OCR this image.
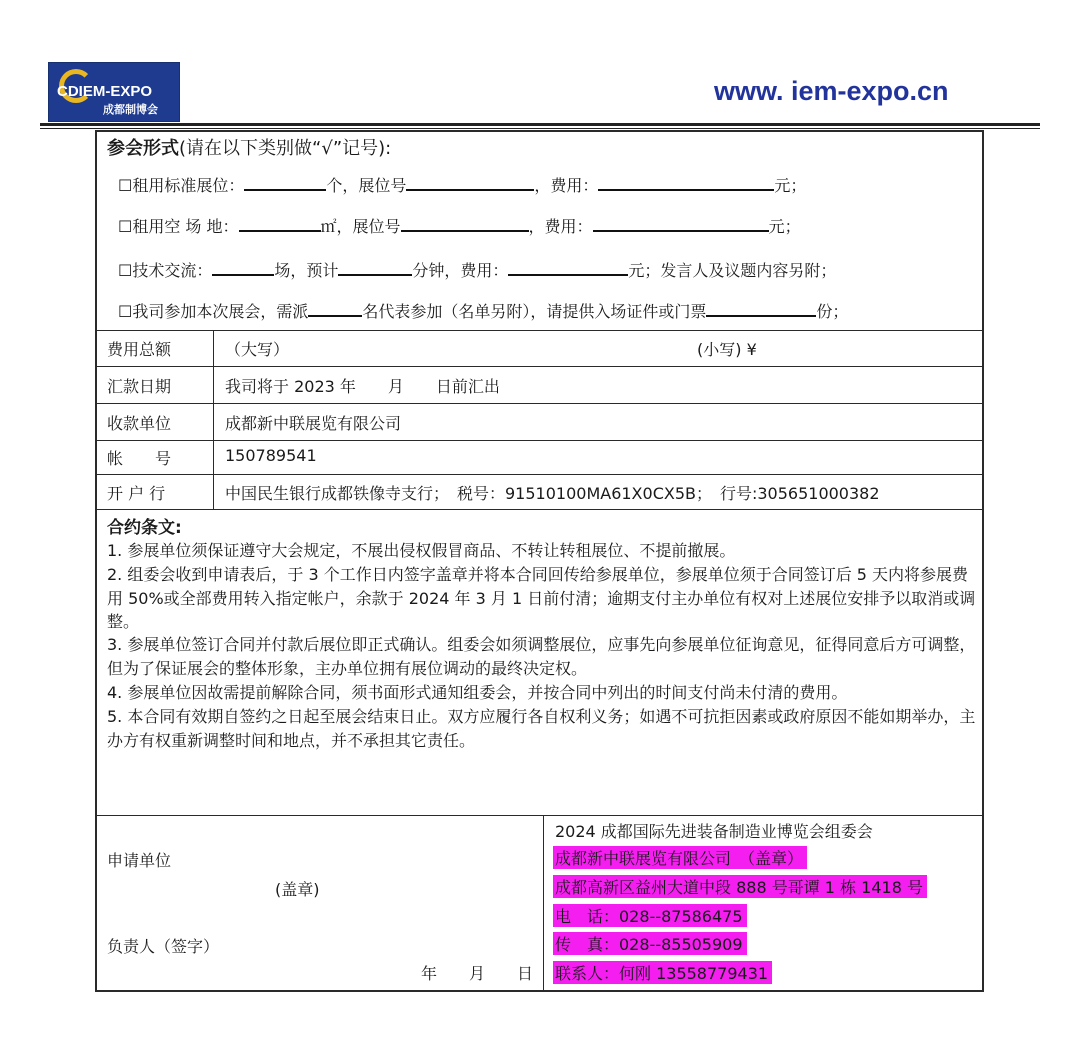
CDIEM-EXPO
成都制博会
www. iem-expo.cn
参会形式(请在以下类别做“√”记号):
☐租用标准展位：	个，展位号	，费用：	元；
☐租用空 场 地：	㎡，展位号	，费用：	元；
☐技术交流：	场，预计	分钟，费用：	元；发言人及议题内容另附；
☐我司参加本次展会，需派	名代表参加（名单另附），请提供入场证件或门票	份；
费用总额	（大写）	(小写) ¥
汇款日期	我司将于 2023 年　　月　　日前汇出
收款单位	成都新中联展览有限公司
帐　　号	150789541
开 户 行	中国民生银行成都铁像寺支行；　税号：91510100MA61X0CX5B；　行号:305651000382
合约条文:
1. 参展单位须保证遵守大会规定，不展出侵权假冒商品、不转让转租展位、不提前撤展。
2. 组委会收到申请表后，于 3 个工作日内签字盖章并将本合同回传给参展单位，参展单位须于合同签订后 5 天内将参展费用 50%或全部费用转入指定帐户，余款于 2024 年 3 月 1 日前付清；逾期支付主办单位有权对上述展位安排予以取消或调整。
3. 参展单位签订合同并付款后展位即正式确认。组委会如须调整展位，应事先向参展单位征询意见，征得同意后方可调整，但为了保证展会的整体形象，主办单位拥有展位调动的最终决定权。
4. 参展单位因故需提前解除合同，须书面形式通知组委会，并按合同中列出的时间支付尚未付清的费用。
5. 本合同有效期自签约之日起至展会结束日止。双方应履行各自权利义务；如遇不可抗拒因素或政府原因不能如期举办，主办方有权重新调整时间和地点，并不承担其它责任。
申请单位
(盖章)
负责人（签字）
年　　月　　日
2024 成都国际先进装备制造业博览会组委会
成都新中联展览有限公司　（盖章）
成都高新区益州大道中段 888 号哥谭 1 栋 1418 号
电　话：028--87586475
传　真：028--85505909
联系人：何刚 13558779431
